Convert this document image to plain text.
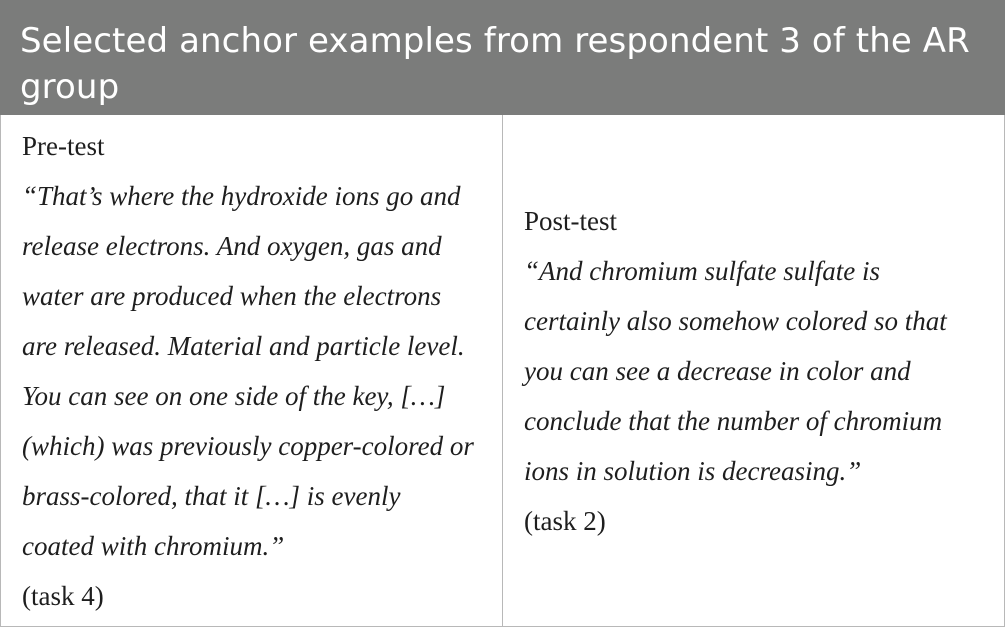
Selected anchor examples from respondent 3 of the AR group

Pre-test

“That’s where the hydroxide ions go and

release electrons. And oxygen, gas and

water are produced when the electrons

are released. Material and particle level.

You can see on one side of the key, […]

(which) was previously copper-colored or

brass-colored, that it […] is evenly

coated with chromium.”

(task 4)

Post-test

“And chromium sulfate sulfate is

certainly also somehow colored so that

you can see a decrease in color and

conclude that the number of chromium

ions in solution is decreasing.”

(task 2)
